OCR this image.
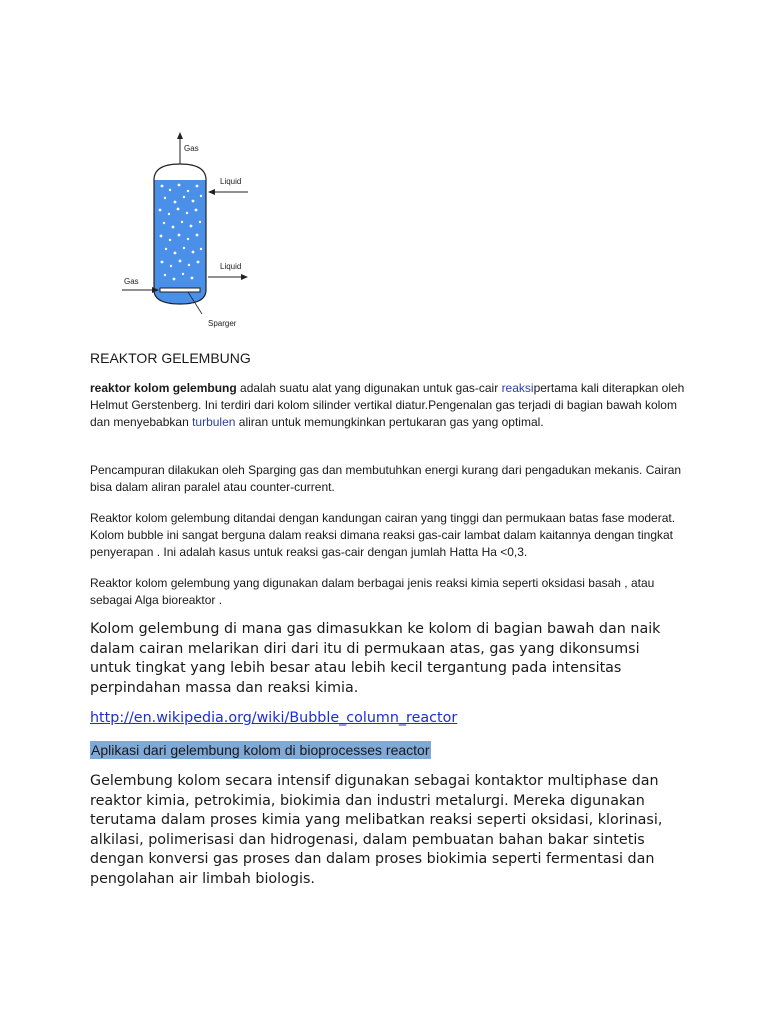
Gas
Liquid
Liquid
Gas
Sparger
REAKTOR GELEMBUNG
reaktor kolom gelembung adalah suatu alat yang digunakan untuk gas-cair reaksipertama kali diterapkan oleh Helmut Gerstenberg. Ini terdiri dari kolom silinder vertikal diatur.Pengenalan gas terjadi di bagian bawah kolom dan menyebabkan turbulen aliran untuk memungkinkan pertukaran gas yang optimal.
Pencampuran dilakukan oleh Sparging gas dan membutuhkan energi kurang dari pengadukan mekanis. Cairan bisa dalam aliran paralel atau counter-current.
Reaktor kolom gelembung ditandai dengan kandungan cairan yang tinggi dan permukaan batas fase moderat. Kolom bubble ini sangat berguna dalam reaksi dimana reaksi gas-cair lambat dalam kaitannya dengan tingkat penyerapan . Ini adalah kasus untuk reaksi gas-cair dengan jumlah Hatta Ha <0,3.
Reaktor kolom gelembung yang digunakan dalam berbagai jenis reaksi kimia seperti oksidasi basah , atau sebagai Alga bioreaktor .
Kolom gelembung di mana gas dimasukkan ke kolom di bagian bawah dan naik dalam cairan melarikan diri dari itu di permukaan atas, gas yang dikonsumsi untuk tingkat yang lebih besar atau lebih kecil tergantung pada intensitas perpindahan massa dan reaksi kimia.
http://en.wikipedia.org/wiki/Bubble_column_reactor
Aplikasi dari gelembung kolom di bioprocesses reactor
Gelembung kolom secara intensif digunakan sebagai kontaktor multiphase dan reaktor kimia, petrokimia, biokimia dan industri metalurgi. Mereka digunakan terutama dalam proses kimia yang melibatkan reaksi seperti oksidasi, klorinasi, alkilasi, polimerisasi dan hidrogenasi, dalam pembuatan bahan bakar sintetis dengan konversi gas proses dan dalam proses biokimia seperti fermentasi dan pengolahan air limbah biologis.
